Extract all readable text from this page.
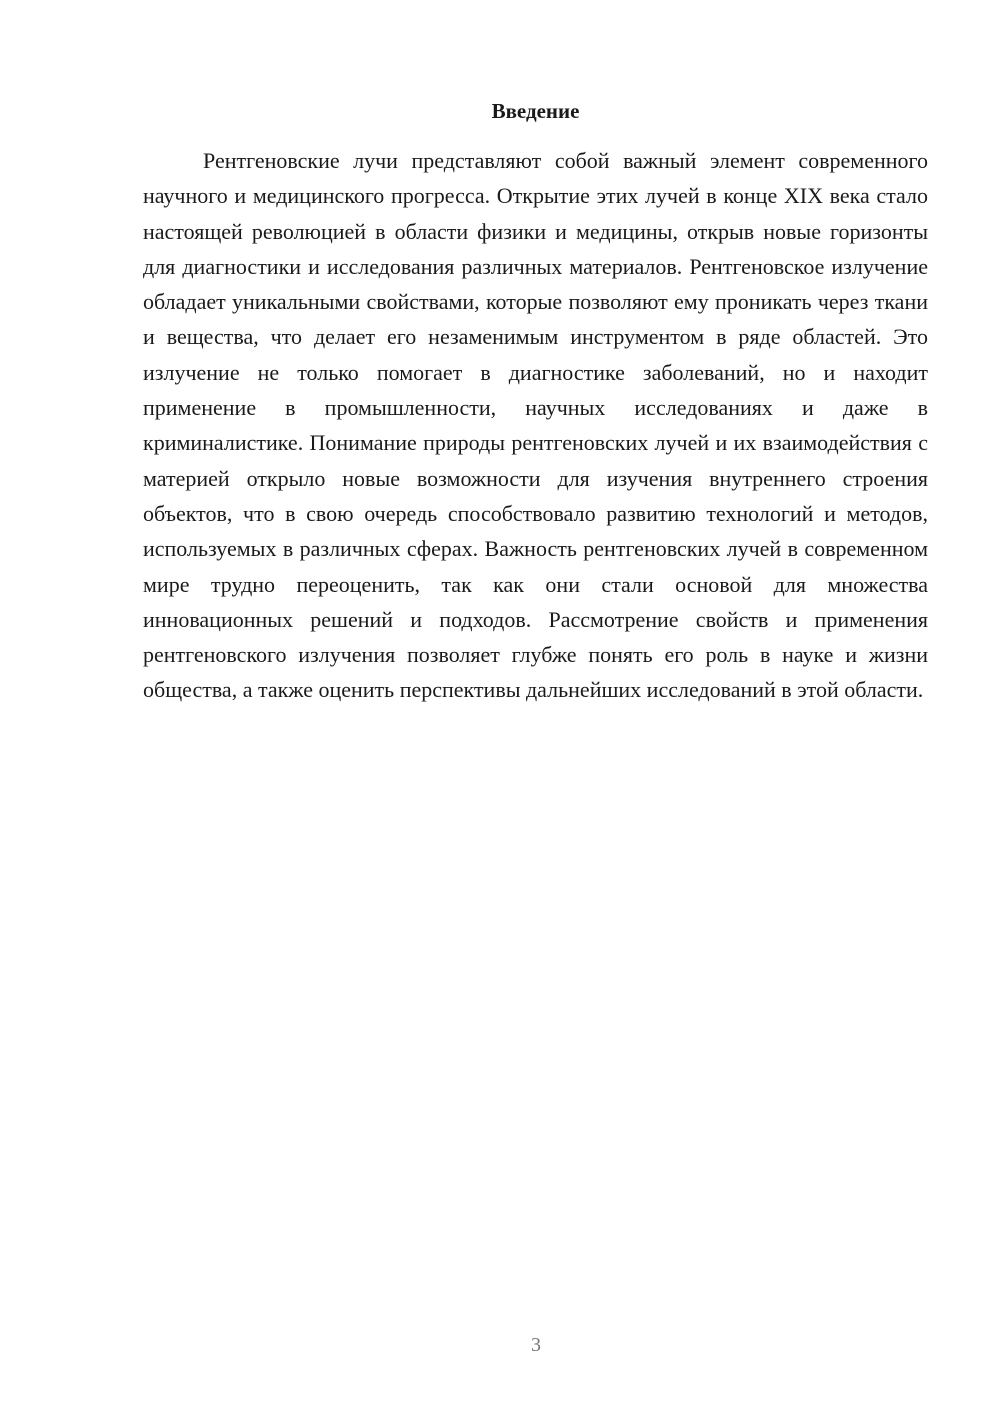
Введение

Рентгеновские лучи представляют собой важный элемент современного научного и медицинского прогресса. Открытие этих лучей в конце XIX века стало настоящей революцией в области физики и медицины, открыв новые горизонты для диагностики и исследования различных материалов. Рентгеновское излучение обладает уникальными свойствами, которые позволяют ему проникать через ткани и вещества, что делает его незаменимым инструментом в ряде областей. Это излучение не только помогает в диагностике заболеваний, но и находит применение в промышленности, научных исследованиях и даже в криминалистике. Понимание природы рентгеновских лучей и их взаимодействия с материей открыло новые возможности для изучения внутреннего строения объектов, что в свою очередь способствовало развитию технологий и методов, используемых в различных сферах. Важность рентгеновских лучей в современном мире трудно переоценить, так как они стали основой для множества инновационных решений и подходов. Рассмотрение свойств и применения рентгеновского излучения позволяет глубже понять его роль в науке и жизни общества, а также оценить перспективы дальнейших исследований в этой области.

3
